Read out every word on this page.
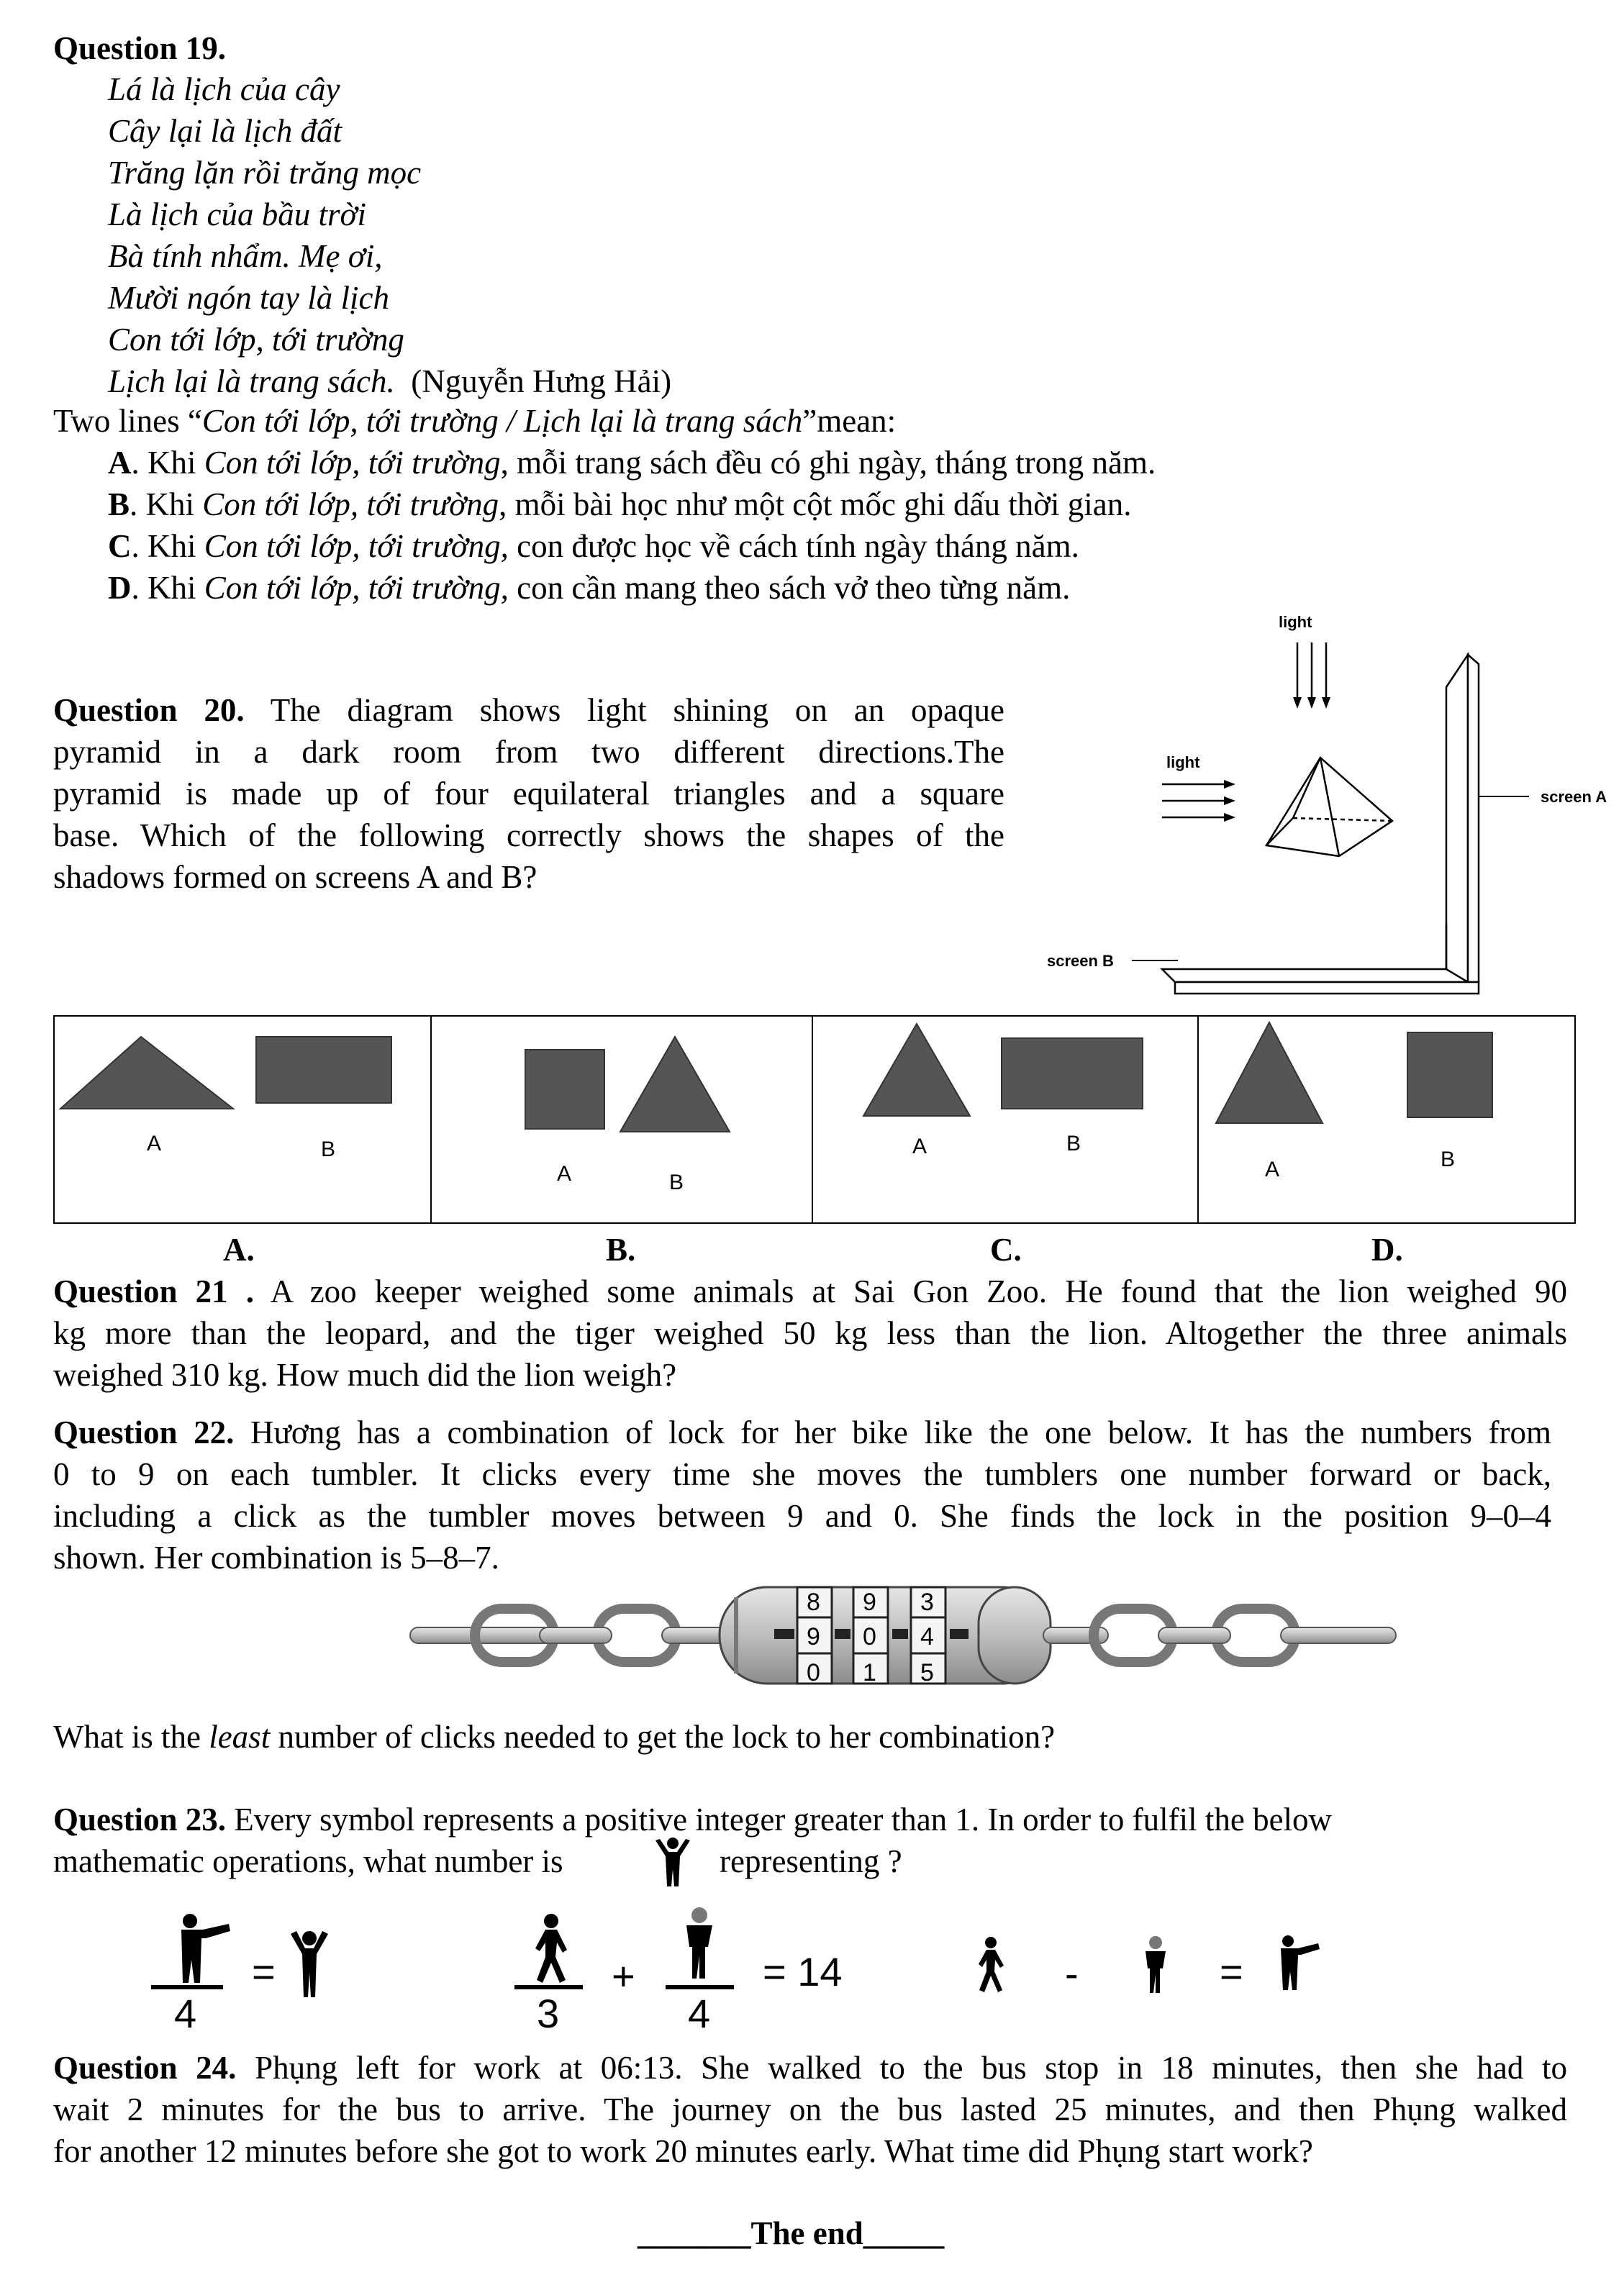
Question 19.
Lá là lịch của cây
Cây lại là lịch đất
Trăng lặn rồi trăng mọc
Là lịch của bầu trời
Bà tính nhẩm. Mẹ ơi,
Mười ngón tay là lịch
Con tới lớp, tới trường
Lịch lại là trang sách. (Nguyễn Hưng Hải)
Two lines “Con tới lớp, tới trường / Lịch lại là trang sách”mean:
A. Khi Con tới lớp, tới trường, mỗi trang sách đều có ghi ngày, tháng trong năm.
B. Khi Con tới lớp, tới trường, mỗi bài học như một cột mốc ghi dấu thời gian.
C. Khi Con tới lớp, tới trường, con được học về cách tính ngày tháng năm.
D. Khi Con tới lớp, tới trường, con cần mang theo sách vở theo từng năm.
Question 20. The diagram shows light shining on an opaque
pyramid in a dark room from two different directions.The
pyramid is made up of four equilateral triangles and a square
base. Which of the following correctly shows the shapes of the
shadows formed on screens A and B?
light
light
screen A
screen B
A	B
A	B
A	B
A	B
A.	B.	C.	D.
Question 21 . A zoo keeper weighed some animals at Sai Gon Zoo. He found that the lion weighed 90
kg more than the leopard, and the tiger weighed 50 kg less than the lion. Altogether the three animals
weighed 310 kg. How much did the lion weigh?
Question 22. Hương has a combination of lock for her bike like the one below. It has the numbers from
0 to 9 on each tumbler. It clicks every time she moves the tumblers one number forward or back,
including a click as the tumbler moves between 9 and 0. She finds the lock in the position 9–0–4
shown. Her combination is 5–8–7.
8
9
0
9
0
1
3
4
5
What is the least number of clicks needed to get the lock to her combination?
Question 23. Every symbol represents a positive integer greater than 1. In order to fulfil the below
mathematic operations, what number is	representing ?
4
=
3
+
4
= 14	-	=
Question 24. Phụng left for work at 06:13. She walked to the bus stop in 18 minutes, then she had to
wait 2 minutes for the bus to arrive. The journey on the bus lasted 25 minutes, and then Phụng walked
for another 12 minutes before she got to work 20 minutes early. What time did Phụng start work?
_______The end_____
